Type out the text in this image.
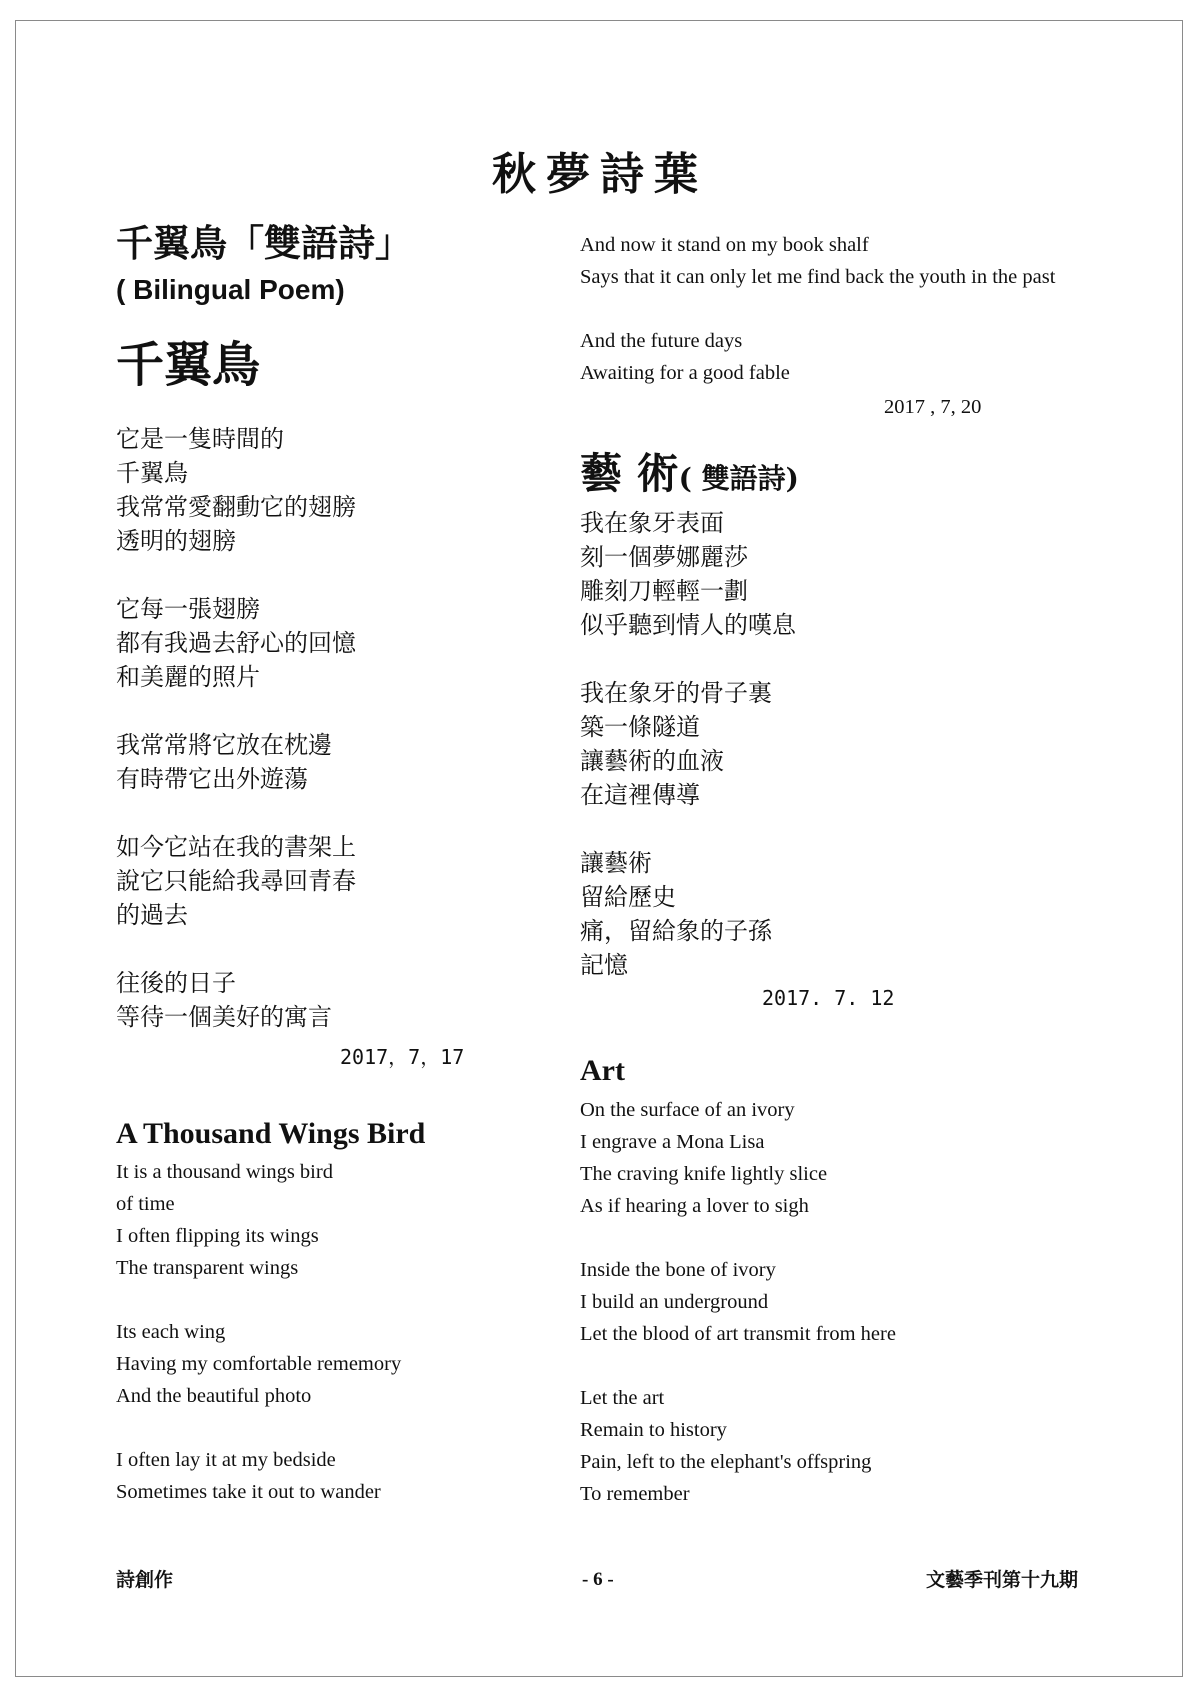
秋夢詩葉
千翼鳥「雙語詩」
( Bilingual Poem)
千翼鳥
它是一隻時間的
千翼鳥
我常常愛翻動它的翅膀
透明的翅膀
它每一張翅膀
都有我過去舒心的回憶
和美麗的照片
我常常將它放在枕邊
有時帶它出外遊蕩
如今它站在我的書架上
說它只能給我尋回青春
的過去
往後的日子
等待一個美好的寓言
2017，7，17
A Thousand Wings Bird
It is a thousand wings bird
of time
I often flipping its wings
The transparent wings
Its each wing
Having my comfortable rememory
And the beautiful photo
I often lay it at my bedside
Sometimes take it out to wander
And now it stand on my book shalf
Says that it can only let me find back the youth in the past
And the future days
Awaiting for a good fable
2017 , 7, 20
藝 術( 雙語詩)
我在象牙表面
刻一個夢娜麗莎
雕刻刀輕輕一劃
似乎聽到情人的嘆息
我在象牙的骨子裏
築一條隧道
讓藝術的血液
在這裡傳導
讓藝術
留給歷史
痛，留給象的子孫
記憶
2017. 7. 12
Art
On the surface of an ivory
I engrave a Mona Lisa
The craving knife lightly slice
As if hearing a lover to sigh
Inside the bone of ivory
I build an underground
Let the blood of art transmit from here
Let the art
Remain to history
Pain, left to the elephant's offspring
To remember
詩創作	- 6 -	文藝季刊第十九期
